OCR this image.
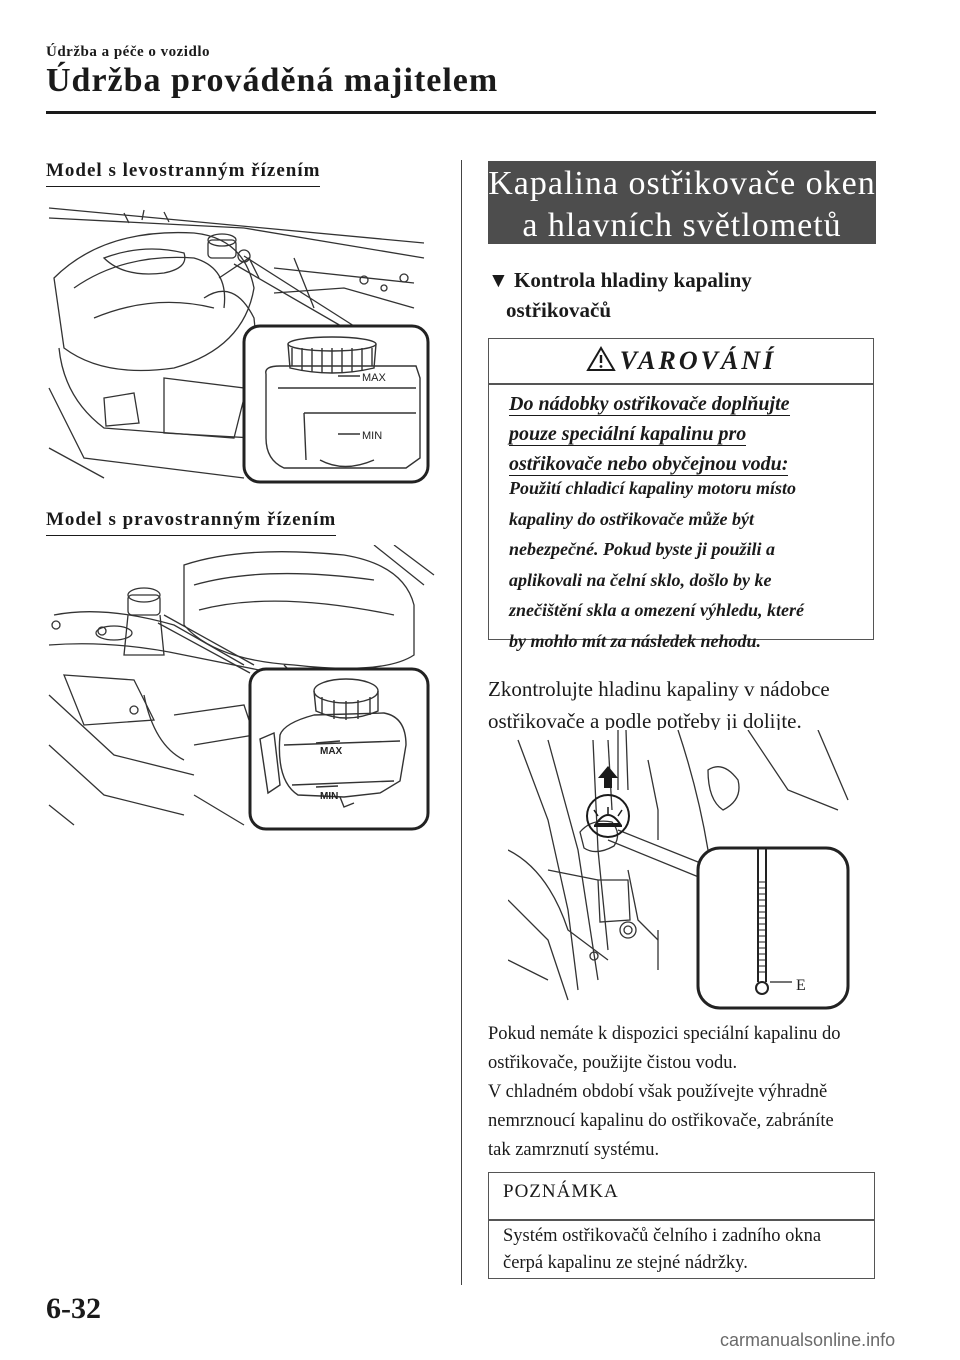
Údržba a péče o vozidlo
Údržba prováděná majitelem
Model s levostranným řízením
MAX
MIN
Model s pravostranným řízením
MAX
MIN
Kapalina ostřikovače oken
a hlavních světlometů
▼ Kontrola hladiny kapaliny
ostřikovačů
VAROVÁNÍ
Do nádobky ostřikovače doplňujte
pouze speciální kapalinu pro
ostřikovače nebo obyčejnou vodu:
Použití chladicí kapaliny motoru místo
kapaliny do ostřikovače může být
nebezpečné. Pokud byste ji použili a
aplikovali na čelní sklo, došlo by ke
znečištění skla a omezení výhledu, které
by mohlo mít za následek nehodu.
Zkontrolujte hladinu kapaliny v nádobce
ostřikovače a podle potřeby ji dolijte.
E
Pokud nemáte k dispozici speciální kapalinu do
ostřikovače, použijte čistou vodu.
V chladném období však používejte výhradně
nemrznoucí kapalinu do ostřikovače, zabráníte
tak zamrznutí systému.
POZNÁMKA
Systém ostřikovačů čelního i zadního okna
čerpá kapalinu ze stejné nádržky.
6-32
carmanualsonline.info
